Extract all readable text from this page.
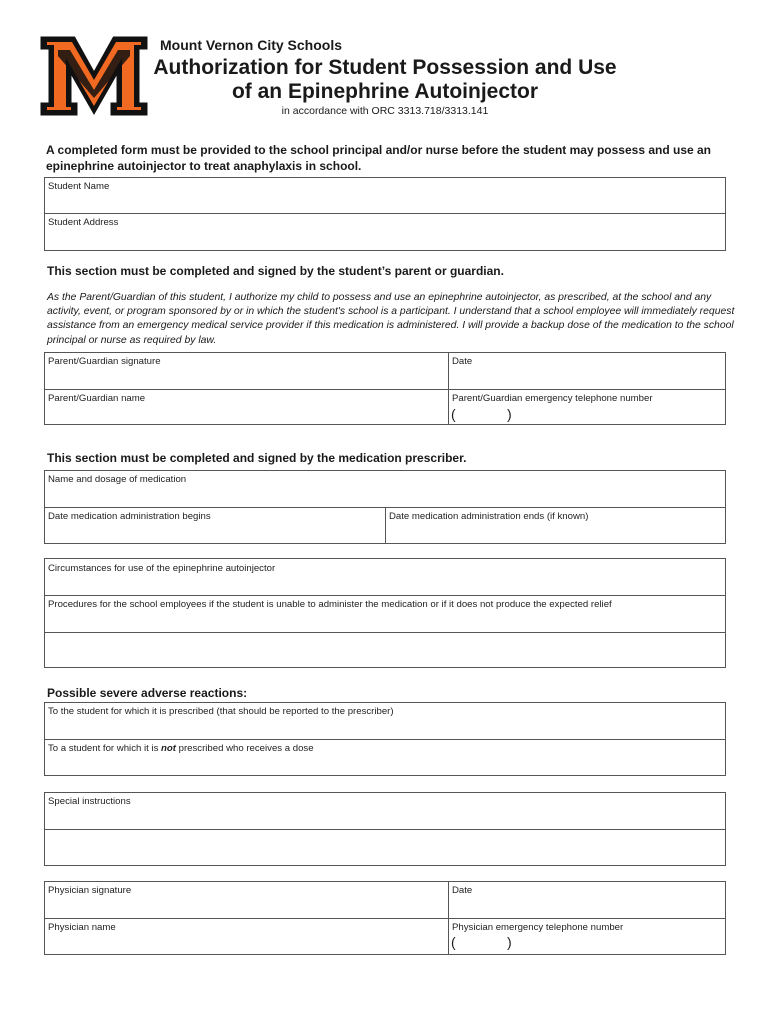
Mount Vernon City Schools
Authorization for Student Possession and Use
of an Epinephrine Autoinjector
in accordance with ORC 3313.718/3313.141
A completed form must be provided to the school principal and/or nurse before the student may possess and use an epinephrine autoinjector to treat anaphylaxis in school.
Student Name
Student Address
This section must be completed and signed by the student’s parent or guardian.
As the Parent/Guardian of this student, I authorize my child to possess and use an epinephrine autoinjector, as prescribed, at the school and any activity, event, or program sponsored by or in which the student's school is a participant. I understand that a school employee will immediately request assistance from an emergency medical service provider if this medication is administered. I will provide a backup dose of the medication to the school principal or nurse as required by law.
Parent/Guardian signature	Date
Parent/Guardian name	Parent/Guardian emergency telephone number
(	)
This section must be completed and signed by the medication prescriber.
Name and dosage of medication
Date medication administration begins	Date medication administration ends (if known)
Circumstances for use of the epinephrine autoinjector
Procedures for the school employees if the student is unable to administer the medication or if it does not produce the expected relief
Possible severe adverse reactions:
To the student for which it is prescribed (that should be reported to the prescriber)
To a student for which it is not prescribed who receives a dose
Special instructions
Physician signature	Date
Physician name	Physician emergency telephone number
(	)
